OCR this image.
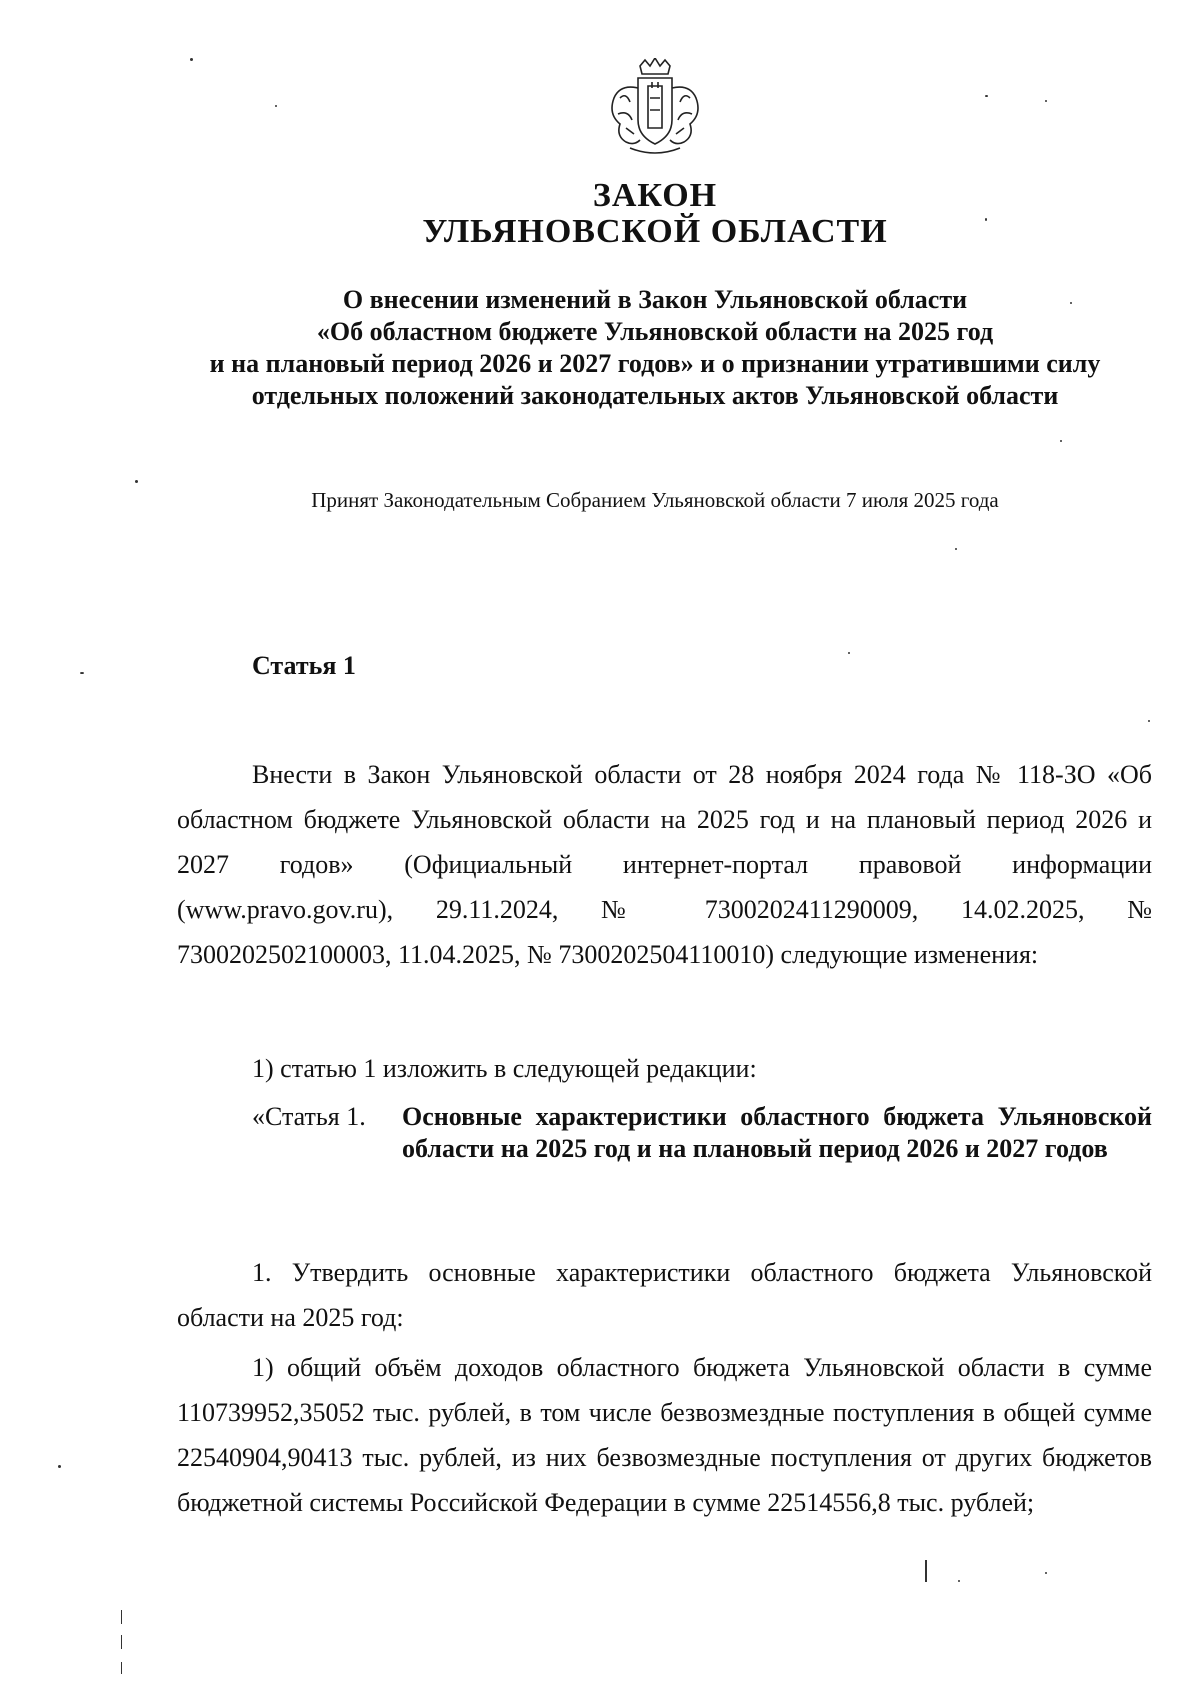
ЗАКОН
УЛЬЯНОВСКОЙ ОБЛАСТИ
О внесении изменений в Закон Ульяновской области
«Об областном бюджете Ульяновской области на 2025 год
и на плановый период 2026 и 2027 годов» и о признании утратившими силу
отдельных положений законодательных актов Ульяновской области
Принят Законодательным Собранием Ульяновской области 7 июля 2025 года
Статья 1

Внести в Закон Ульяновской области от 28 ноября 2024 года № 118-ЗО «Об областном бюджете Ульяновской области на 2025 год и на плановый период 2026 и 2027 годов» (Официальный интернет-портал правовой информации (www.pravo.gov.ru), 29.11.2024, № 7300202411290009, 14.02.2025, № 7300202502100003, 11.04.2025, № 7300202504110010) следующие изменения:

1) статью 1 изложить в следующей редакции:

«Статья 1. Основные характеристики областного бюджета Ульяновской области на 2025 год и на плановый период 2026 и 2027 годов

1. Утвердить основные характеристики областного бюджета Ульяновской области на 2025 год:

1) общий объём доходов областного бюджета Ульяновской области в сумме 110739952,35052 тыс. рублей, в том числе безвозмездные поступления в общей сумме 22540904,90413 тыс. рублей, из них безвозмездные поступления от других бюджетов бюджетной системы Российской Федерации в сумме 22514556,8 тыс. рублей;
